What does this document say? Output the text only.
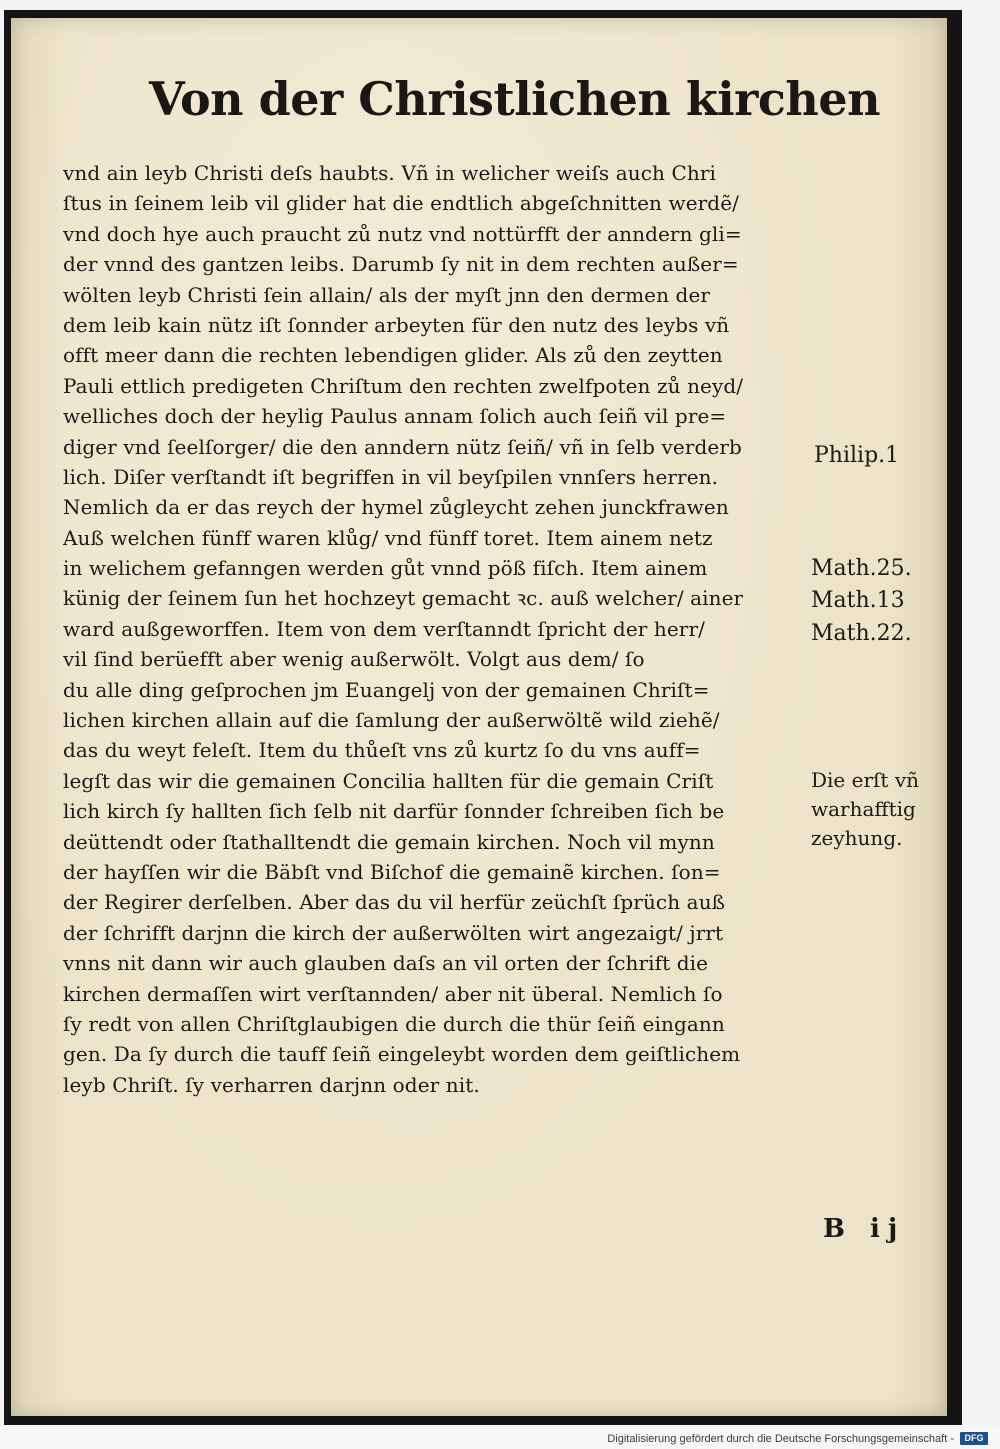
Von der Christlichen kirchen
vnd ain leyb Christi deſs haubts. Vñ in welicher weiſs auch Chri
ſtus in ſeinem leib vil glider hat die endtlich abgeſchnitten werdẽ/
vnd doch hye auch praucht zů nutz vnd nottürfft der anndern gli=
der vnnd des gantzen leibs. Darumb ſy nit in dem rechten außer=
wölten leyb Christi ſein allain/ als der myſt jnn den dermen der
dem leib kain nütz iſt ſonnder arbeyten für den nutz des leybs vñ
offt meer dann die rechten lebendigen glider. Als zů den zeytten
Pauli ettlich predigeten Chriſtum den rechten zwelfpoten zů neyd/
welliches doch der heylig Paulus annam ſolich auch ſeiñ vil pre=
diger vnd ſeelſorger/ die den anndern nütz ſeiñ/ vñ in ſelb verderb
lich. Diſer verſtandt iſt begriffen in vil beyſpilen vnnſers herren.
Nemlich da er das reych der hymel zůgleycht zehen junckfrawen
Auß welchen fünff waren klůg/ vnd fünff toret. Item ainem netz
in welichem gefanngen werden gůt vnnd pöß fiſch. Item ainem
künig der ſeinem ſun het hochzeyt gemacht ꝛc. auß welcher/ ainer
ward außgeworffen. Item von dem verſtanndt ſpricht der herr/
vil ſind berüefft aber wenig außerwölt. Volgt aus dem/ ſo
du alle ding geſprochen jm Euangelj von der gemainen Chriſt=
lichen kirchen allain auf die ſamlung der außerwöltẽ wild ziehẽ/
das du weyt feleſt. Item du thůeſt vns zů kurtz ſo du vns auff=
legſt das wir die gemainen Concilia hallten für die gemain Criſt
lich kirch ſy hallten ſich ſelb nit darfür ſonnder ſchreiben ſich be
deüttendt oder ſtathalltendt die gemain kirchen. Noch vil mynn
der hayſſen wir die Bäbſt vnd Biſchof die gemainẽ kirchen. ſon=
der Regirer derſelben. Aber das du vil herfür zeüchſt ſprüch auß
der ſchrifft darjnn die kirch der außerwölten wirt angezaigt/ jrrt
vnns nit dann wir auch glauben daſs an vil orten der ſchrift die
kirchen dermaſſen wirt verſtannden/ aber nit überal. Nemlich ſo
ſy redt von allen Chriſtglaubigen die durch die thür ſeiñ eingann
gen. Da ſy durch die tauff ſeiñ eingeleybt worden dem geiſtlichem
leyb Chriſt. ſy verharren darjnn oder nit.
Philip.1
Math.25.
Math.13
Math.22.
Die erſt vñ
warhafftig
zeyhung.
B ij
Digitalisierung gefördert durch die Deutsche Forschungsgemeinschaft -	DFG
